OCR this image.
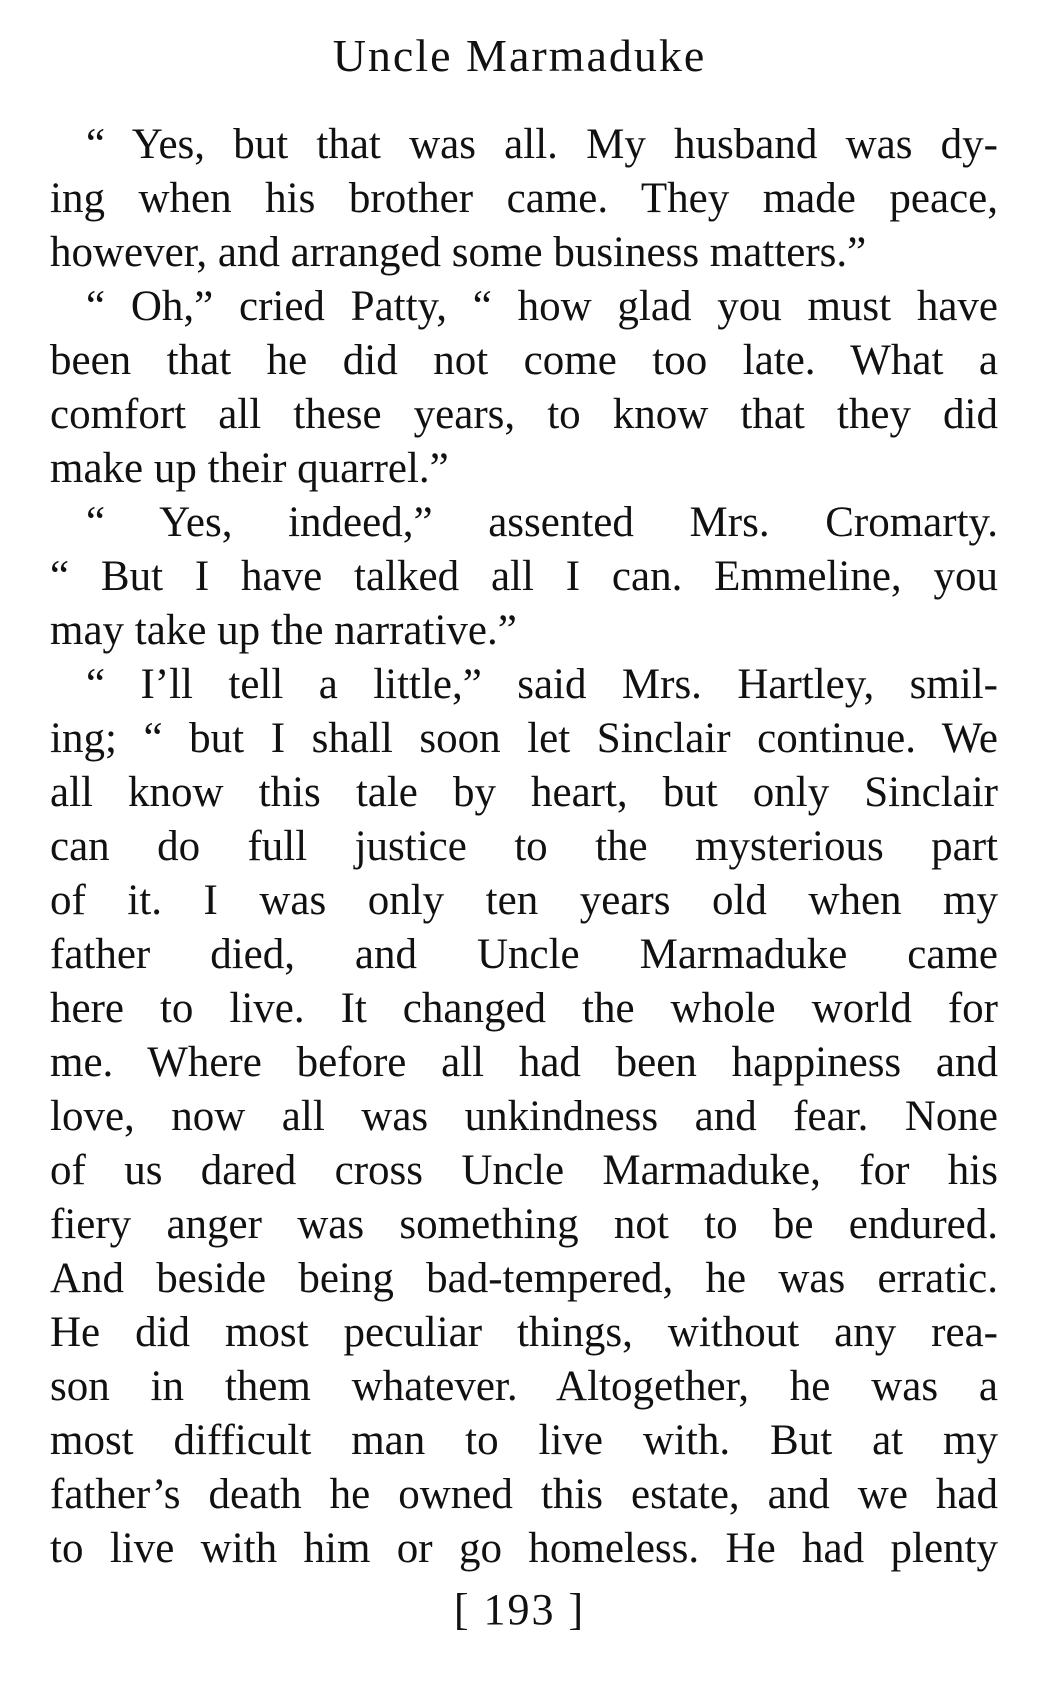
Uncle Marmaduke
“ Yes, but that was all. My husband was dy-
ing when his brother came. They made peace,
however, and arranged some business matters.”
“ Oh,” cried Patty, “ how glad you must have
been that he did not come too late. What a
comfort all these years, to know that they did
make up their quarrel.”
“ Yes, indeed,” assented Mrs. Cromarty.
“ But I have talked all I can. Emmeline, you
may take up the narrative.”
“ I’ll tell a little,” said Mrs. Hartley, smil-
ing; “ but I shall soon let Sinclair continue. We
all know this tale by heart, but only Sinclair
can do full justice to the mysterious part
of it. I was only ten years old when my
father died, and Uncle Marmaduke came
here to live. It changed the whole world for
me. Where before all had been happiness and
love, now all was unkindness and fear. None
of us dared cross Uncle Marmaduke, for his
fiery anger was something not to be endured.
And beside being bad-tempered, he was erratic.
He did most peculiar things, without any rea-
son in them whatever. Altogether, he was a
most difficult man to live with. But at my
father’s death he owned this estate, and we had
to live with him or go homeless. He had plenty
[ 193 ]
